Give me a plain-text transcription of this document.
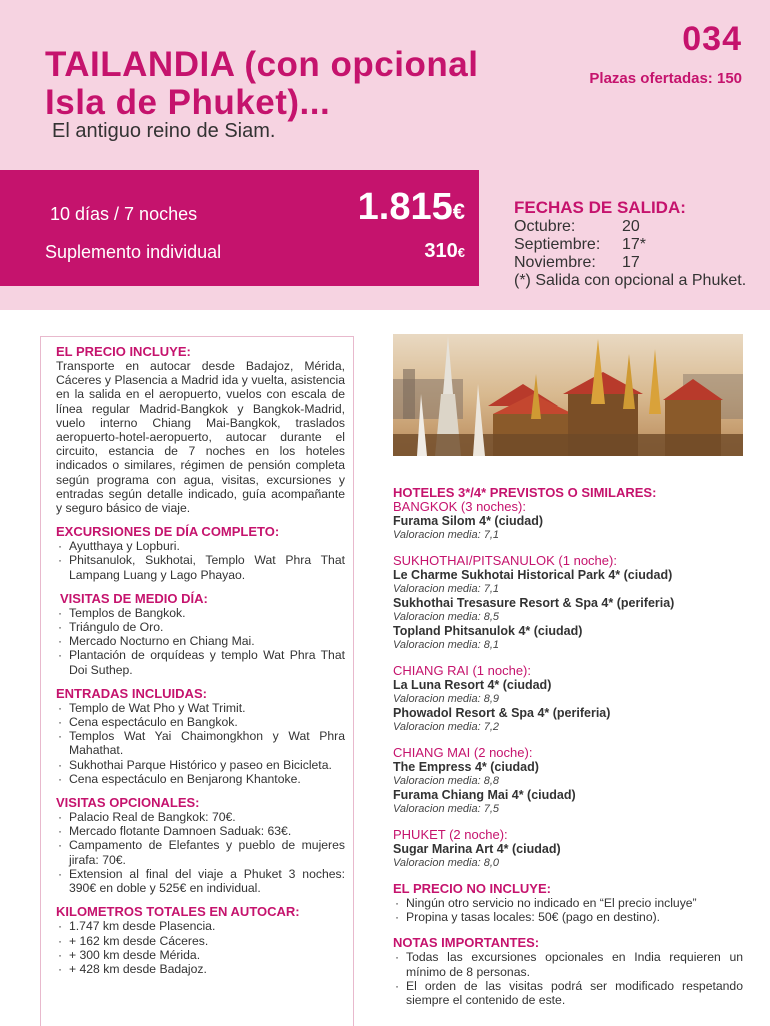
034
Plazas ofertadas: 150
TAILANDIA (con opcional
Isla de Phuket)...
El antiguo reino de Siam.
10 días / 7 noches	1.815€
Suplemento individual	310€
FECHAS DE SALIDA:
Octubre:	20
Septiembre: 17*
Noviembre: 17
(*) Salida con opcional a Phuket.
EL PRECIO INCLUYE:
Transporte en autocar desde Badajoz, Mérida, Cáceres y Plasencia a Madrid ida y vuelta, asistencia en la salida en el aeropuerto, vuelos con escala de línea regular Madrid-Bangkok y Bangkok-Madrid, vuelo interno Chiang Mai-Bangkok, traslados aeropuerto-hotel-aeropuerto, autocar durante el circuito, estancia de 7 noches en los hoteles indicados o similares, régimen de pensión completa según programa con agua, visitas, excursiones y entradas según detalle indicado, guía acompañante y seguro básico de viaje.
EXCURSIONES DE DÍA COMPLETO:
· Ayutthaya y Lopburi.
· Phitsanulok, Sukhotai, Templo Wat Phra That Lampang Luang y Lago Phayao.
VISITAS DE MEDIO DÍA:
· Templos de Bangkok.
· Triángulo de Oro.
· Mercado Nocturno en Chiang Mai.
· Plantación de orquídeas y templo Wat Phra That Doi Suthep.
ENTRADAS INCLUIDAS:
· Templo de Wat Pho y Wat Trimit.
· Cena espectáculo en Bangkok.
· Templos Wat Yai Chaimongkhon y Wat Phra Mahathat.
· Sukhothai Parque Histórico y paseo en Bicicleta.
· Cena espectáculo en Benjarong Khantoke.
VISITAS OPCIONALES:
· Palacio Real de Bangkok: 70€.
· Mercado flotante Damnoen Saduak: 63€.
· Campamento de Elefantes y pueblo de mujeres jirafa: 70€.
· Extension al final del viaje a Phuket 3 noches: 390€ en doble y 525€ en individual.
KILOMETROS TOTALES EN AUTOCAR:
· 1.747 km desde Plasencia.
· + 162 km desde Cáceres.
· + 300 km desde Mérida.
· + 428 km desde Badajoz.
HOTELES 3*/4* PREVISTOS O SIMILARES:
BANGKOK (3 noches):
Furama Silom 4* (ciudad)
Valoracion media: 7,1
SUKHOTHAI/PITSANULOK (1 noche):
Le Charme Sukhotai Historical Park 4* (ciudad)
Valoracion media: 7,1
Sukhothai Tresasure Resort & Spa 4* (periferia)
Valoracion media: 8,5
Topland Phitsanulok 4* (ciudad)
Valoracion media: 8,1
CHIANG RAI (1 noche):
La Luna Resort 4* (ciudad)
Valoracion media: 8,9
Phowadol Resort & Spa 4* (periferia)
Valoracion media: 7,2
CHIANG MAI (2 noche):
The Empress 4* (ciudad)
Valoracion media: 8,8
Furama Chiang Mai 4* (ciudad)
Valoracion media: 7,5
PHUKET (2 noche):
Sugar Marina Art 4* (ciudad)
Valoracion media: 8,0
EL PRECIO NO INCLUYE:
· Ningún otro servicio no indicado en “El precio incluye”
· Propina y tasas locales: 50€ (pago en destino).
NOTAS IMPORTANTES:
· Todas las excursiones opcionales en India requieren un mínimo de 8 personas.
· El orden de las visitas podrá ser modificado respetando siempre el contenido de este.
